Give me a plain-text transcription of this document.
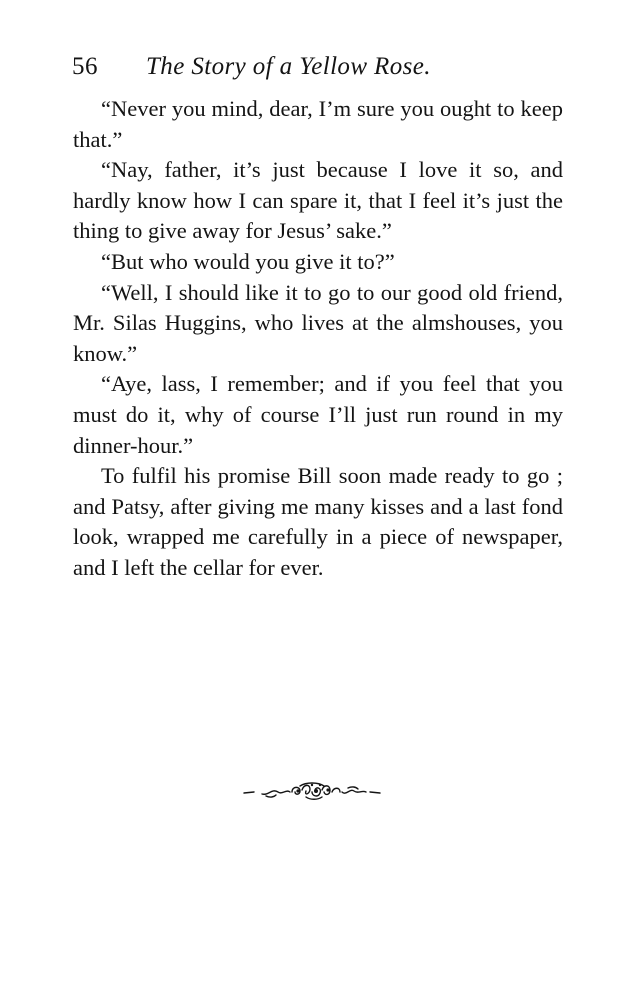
56 The Story of a Yellow Rose.

“Never you mind, dear, I’m sure you ought to keep that.”

“Nay, father, it’s just because I love it so, and hardly know how I can spare it, that I feel it’s just the thing to give away for Jesus’ sake.”

“But who would you give it to?”

“Well, I should like it to go to our good old friend, Mr. Silas Huggins, who lives at the almshouses, you know.”

“Aye, lass, I remember; and if you feel that you must do it, why of course I’ll just run round in my dinner-hour.”

To fulfil his promise Bill soon made ready to go ; and Patsy, after giving me many kisses and a last fond look, wrapped me carefully in a piece of newspaper, and I left the cellar for ever.
